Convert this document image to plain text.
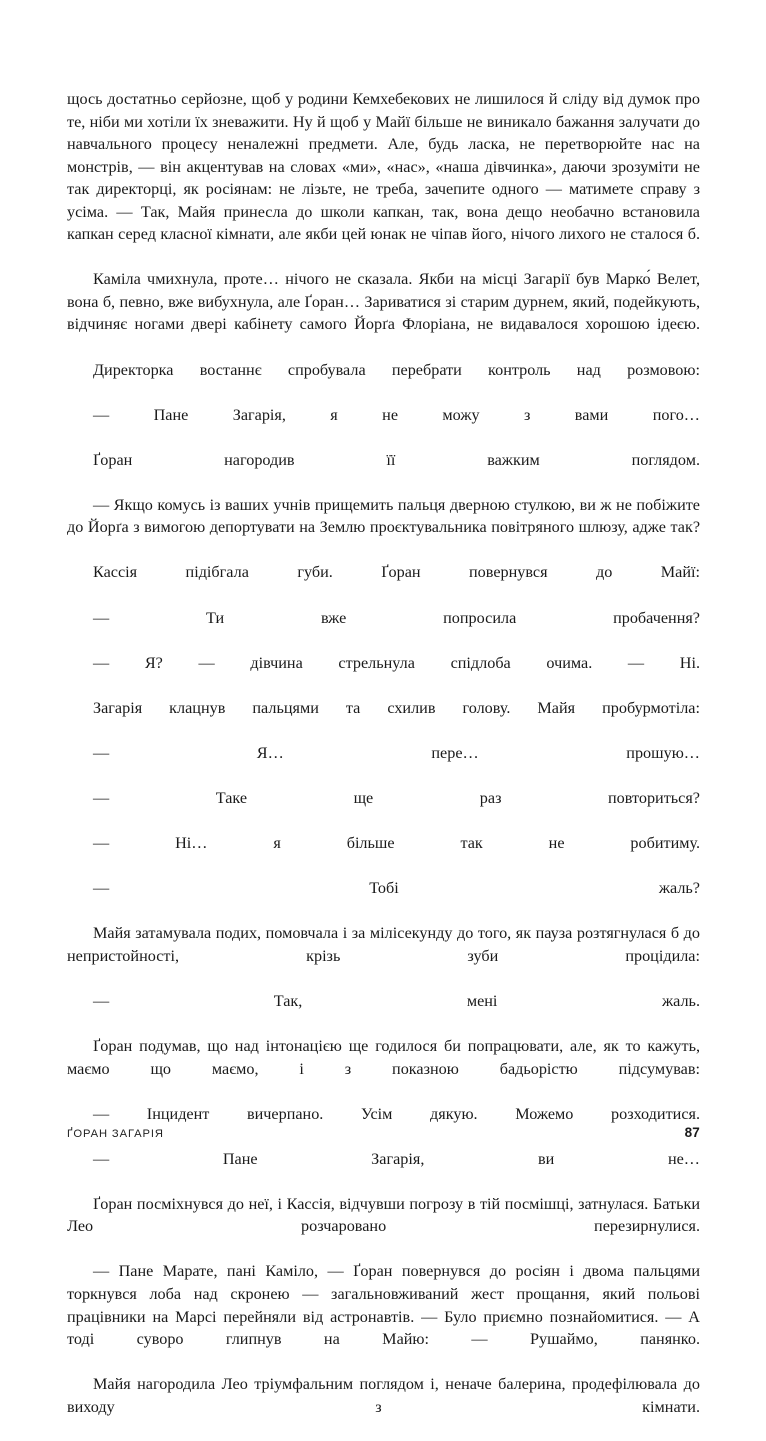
щось достатньо серйозне, щоб у родини Кемхебекових не лишилося й сліду від думок про те, ніби ми хотіли їх зневажити. Ну й щоб у Майї більше не виникало бажання залучати до навчального процесу неналежні предмети. Але, будь ласка, не перетворюйте нас на монстрів, — він акцентував на словах «ми», «нас», «наша дівчинка», даючи зрозуміти не так директорці, як росіянам: не лізьте, не треба, зачепите одного — матимете справу з усіма. — Так, Майя принесла до школи капкан, так, вона дещо необачно встановила капкан серед класної кімнати, але якби цей юнак не чіпав його, нічого лихого не сталося б.

Каміла чмихнула, проте… нічого не сказала. Якби на місці Загарії був Марко́ Велет, вона б, певно, вже вибухнула, але Ґоран… Зариватися зі старим дурнем, який, подейкують, відчиняє ногами двері кабінету самого Йорґа Флоріана, не видавалося хорошою ідеєю.

Директорка востаннє спробувала перебрати контроль над розмовою:

— Пане Загарія, я не можу з вами пого…

Ґоран нагородив її важким поглядом.

— Якщо комусь із ваших учнів прищемить пальця дверною стулкою, ви ж не побіжите до Йорґа з вимогою депортувати на Землю проєктувальника повітряного шлюзу, адже так?

Кассія підібгала губи. Ґоран повернувся до Майї:

— Ти вже попросила пробачення?

— Я? — дівчина стрельнула спідлоба очима. — Ні.

Загарія клацнув пальцями та схилив голову. Майя пробурмотіла:

— Я… пере… прошую…

— Таке ще раз повториться?

— Ні… я більше так не робитиму.

— Тобі жаль?

Майя затамувала подих, помовчала і за мілісекунду до того, як пауза розтягнулася б до непристойності, крізь зуби процідила:

— Так, мені жаль.

Ґоран подумав, що над інтонацією ще годилося би попрацювати, але, як то кажуть, маємо що маємо, і з показною бадьорістю підсумував:

— Інцидент вичерпано. Усім дякую. Можемо розходитися.

— Пане Загарія, ви не…

Ґоран посміхнувся до неї, і Кассія, відчувши погрозу в тій посмішці, затнулася. Батьки Лео розчаровано перезирнулися.

— Пане Марате, пані Каміло, — Ґоран повернувся до росіян і двома пальцями торкнувся лоба над скронею — загальновживаний жест прощання, який польові працівники на Марсі перейняли від астронавтів. — Було приємно познайомитися. — А тоді суворо глипнув на Майю: — Рушаймо, панянко.

Майя нагородила Лео тріумфальним поглядом і, неначе балерина, продефілювала до виходу з кімнати.

ҐОРАН ЗАГАРІЯ	87
